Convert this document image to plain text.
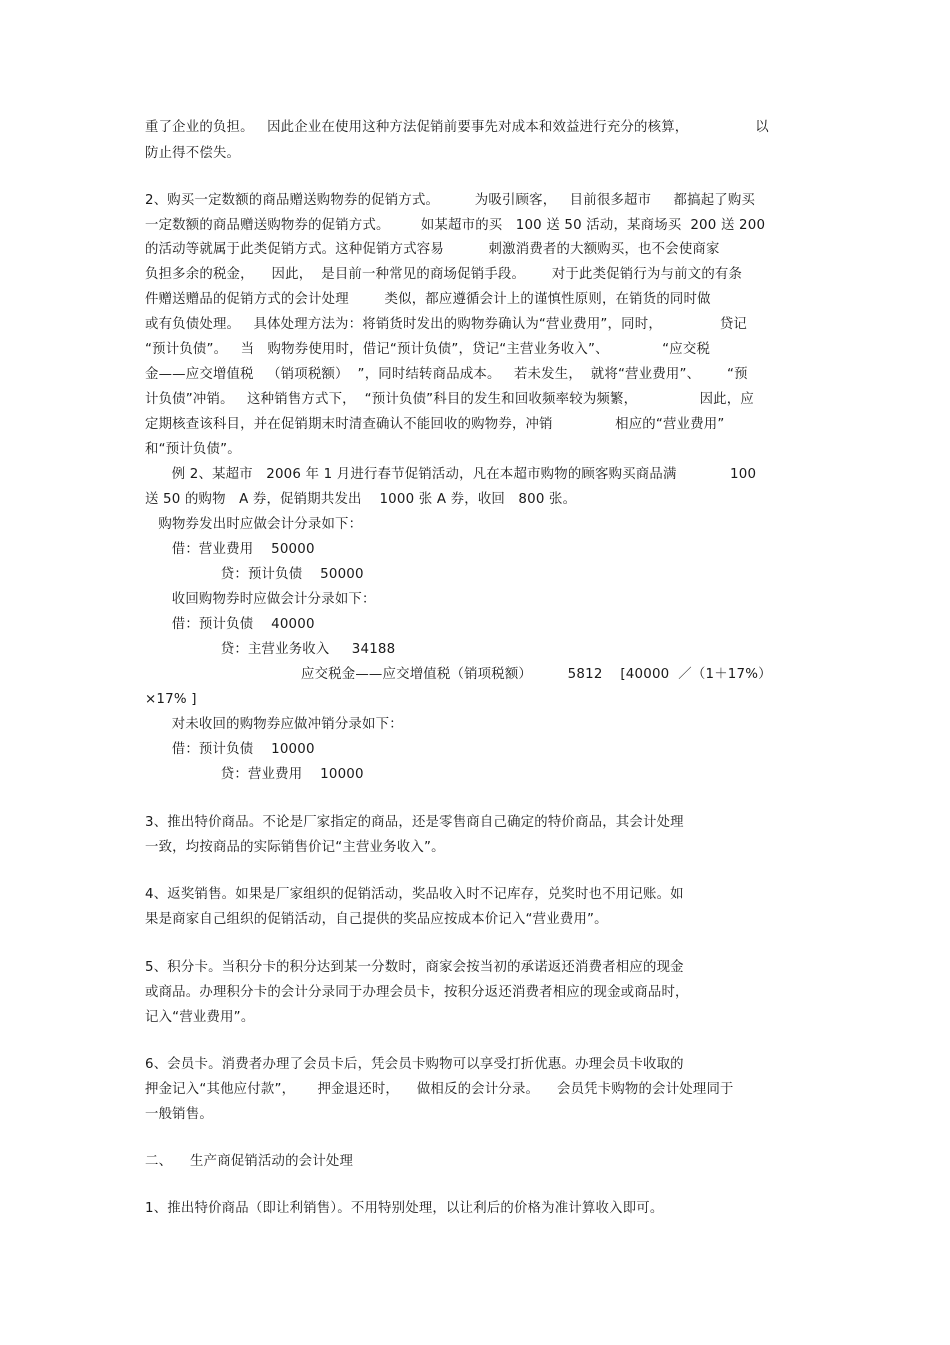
重了企业的负担。   因此企业在使用这种方法促销前要事先对成本和效益进行充分的核算，               以
防止得不偿失。
2、购买一定数额的商品赠送购物券的促销方式。        为吸引顾客，   目前很多超市     都搞起了购买
一定数额的商品赠送购物券的促销方式。       如某超市的买   100 送 50 活动，某商场买  200 送 200
的活动等就属于此类促销方式。这种促销方式容易          刺激消费者的大额购买，也不会使商家
负担多余的税金，    因此，  是目前一种常见的商场促销手段。      对于此类促销行为与前文的有条
件赠送赠品的促销方式的会计处理        类似，都应遵循会计上的谨慎性原则，在销货的同时做
或有负债处理。   具体处理方法为：将销货时发出的购物券确认为“营业费用”，同时，             贷记
“预计负债”。   当   购物券使用时，借记“预计负债”，贷记“主营业务收入”、            “应交税
金——应交增值税   （销项税额）  ”，同时结转商品成本。   若未发生，  就将“营业费用”、      “预
计负债”冲销。   这种销售方式下，  “预计负债”科目的发生和回收频率较为频繁，              因此，应
定期核查该科目，并在促销期末时清查确认不能回收的购物券，冲销              相应的“营业费用”
和“预计负债”。
例 2、某超市   2006 年 1 月进行春节促销活动，凡在本超市购物的顾客购买商品满            100
送 50 的购物   A 券，促销期共发出    1000 张 A 券，收回   800 张。
购物券发出时应做会计分录如下：
借：营业费用    50000
贷：预计负债    50000
收回购物券时应做会计分录如下：
借：预计负债    40000
贷：主营业务收入     34188
应交税金——应交增值税（销项税额）        5812    [40000  ／（1＋17%）
×17% ]
对未收回的购物券应做冲销分录如下：
借：预计负债    10000
贷：营业费用    10000
3、推出特价商品。不论是厂家指定的商品，还是零售商自己确定的特价商品，其会计处理
一致，均按商品的实际销售价记“主营业务收入”。
4、返奖销售。如果是厂家组织的促销活动，奖品收入时不记库存，兑奖时也不用记账。如
果是商家自己组织的促销活动，自己提供的奖品应按成本价记入“营业费用”。
5、积分卡。当积分卡的积分达到某一分数时，商家会按当初的承诺返还消费者相应的现金
或商品。办理积分卡的会计分录同于办理会员卡，按积分返还消费者相应的现金或商品时，
记入“营业费用”。
6、会员卡。消费者办理了会员卡后，凭会员卡购物可以享受打折优惠。办理会员卡收取的
押金记入“其他应付款”，     押金退还时，    做相反的会计分录。    会员凭卡购物的会计处理同于
一般销售。
二、    生产商促销活动的会计处理
1、推出特价商品（即让利销售）。不用特别处理，以让利后的价格为准计算收入即可。
